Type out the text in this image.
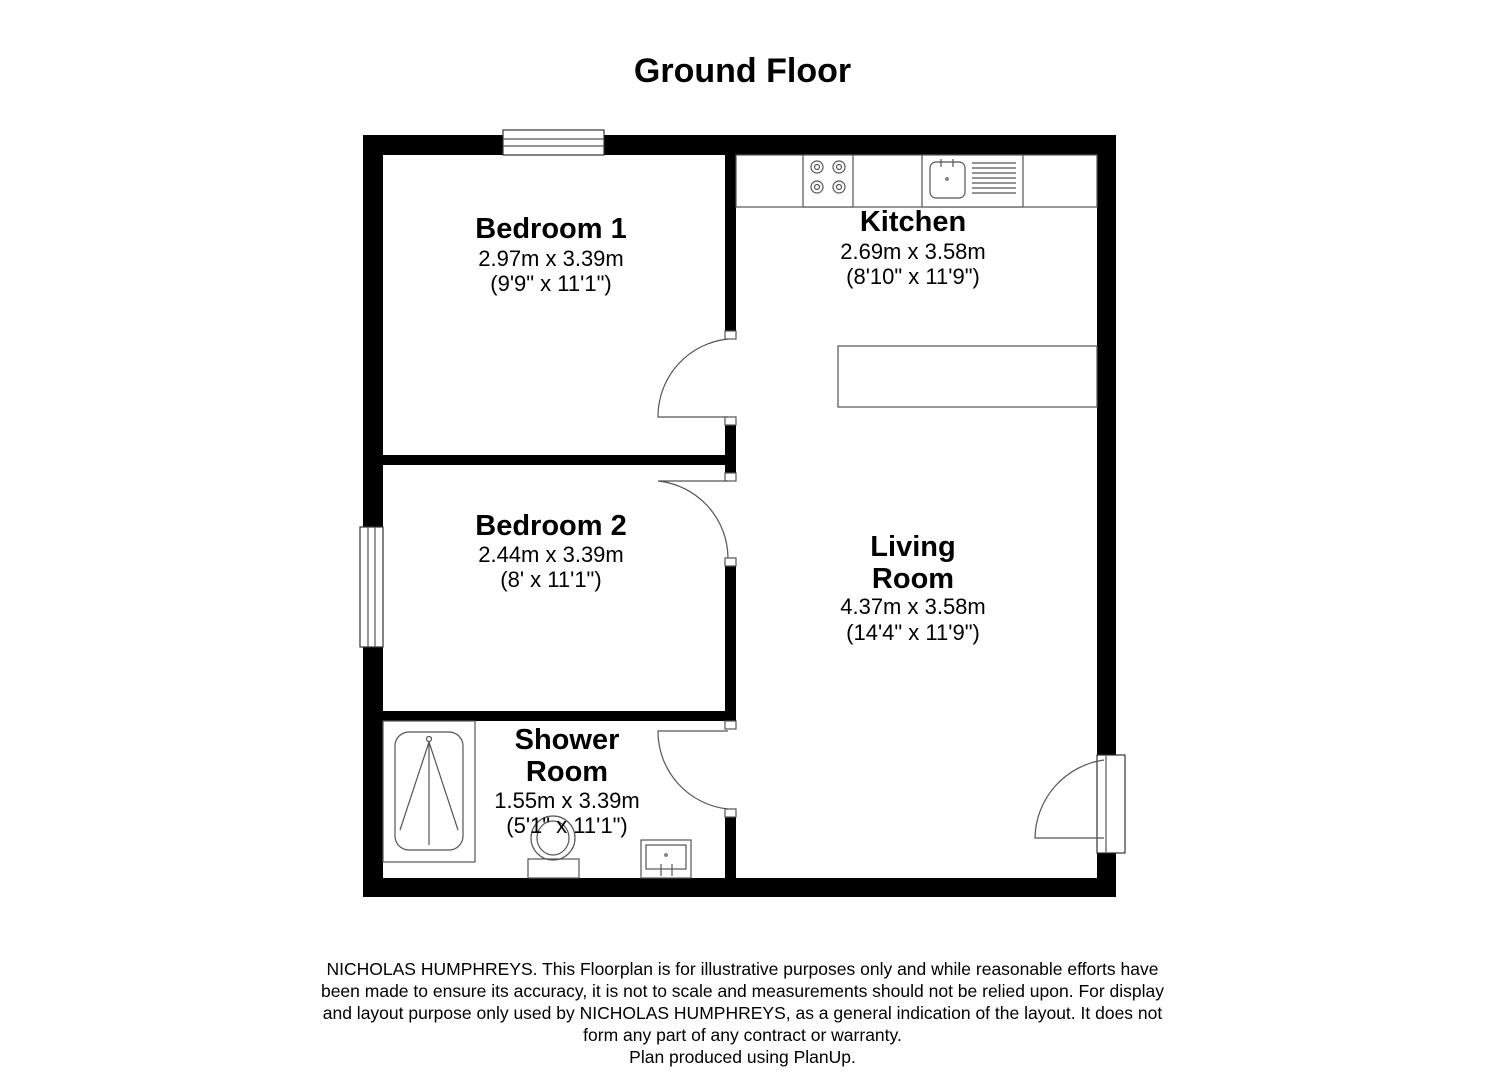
Ground Floor
Bedroom 1
2.97m x 3.39m
(9'9" x 11'1")
Bedroom 2
2.44m x 3.39m
(8' x 11'1")
Kitchen
2.69m x 3.58m
(8'10" x 11'9")
Living
Room
4.37m x 3.58m
(14'4" x 11'9")
Shower
Room
1.55m x 3.39m
(5'1" x 11'1")
NICHOLAS HUMPHREYS. This Floorplan is for illustrative purposes only and while reasonable efforts have
been made to ensure its accuracy, it is not to scale and measurements should not be relied upon. For display
and layout purpose only used by NICHOLAS HUMPHREYS, as a general indication of the layout. It does not
form any part of any contract or warranty.
Plan produced using PlanUp.
